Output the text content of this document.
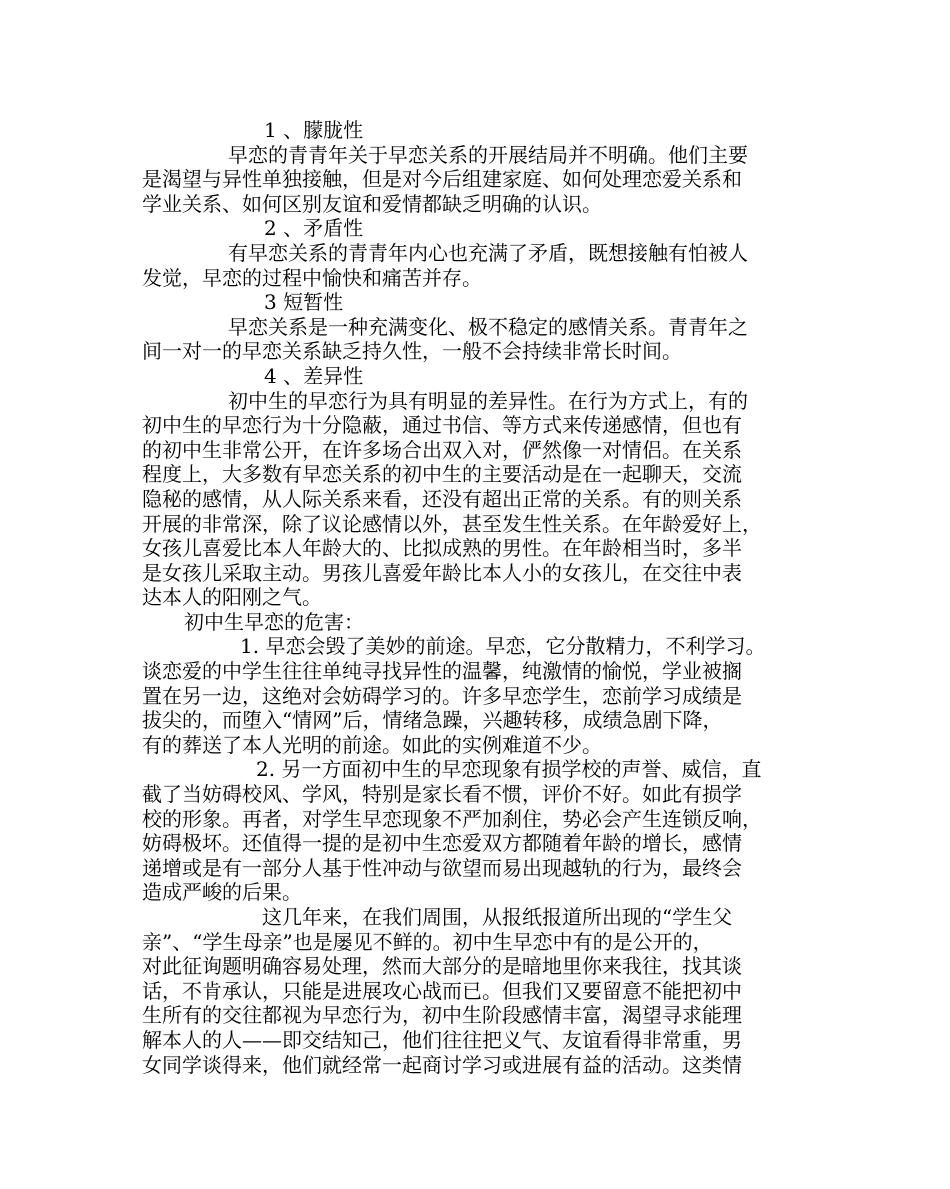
1 、朦胧性
早恋的青青年关于早恋关系的开展结局并不明确。他们主要
是渴望与异性单独接触，但是对今后组建家庭、如何处理恋爱关系和
学业关系、如何区别友谊和爱情都缺乏明确的认识。
2 、矛盾性
有早恋关系的青青年内心也充满了矛盾，既想接触有怕被人
发觉，早恋的过程中愉快和痛苦并存。
3 短暂性
早恋关系是一种充满变化、极不稳定的感情关系。青青年之
间一对一的早恋关系缺乏持久性，一般不会持续非常长时间。
4 、差异性
初中生的早恋行为具有明显的差异性。在行为方式上，有的
初中生的早恋行为十分隐蔽，通过书信、等方式来传递感情，但也有
的初中生非常公开，在许多场合出双入对，俨然像一对情侣。在关系
程度上，大多数有早恋关系的初中生的主要活动是在一起聊天，交流
隐秘的感情，从人际关系来看，还没有超出正常的关系。有的则关系
开展的非常深，除了议论感情以外，甚至发生性关系。在年龄爱好上，
女孩儿喜爱比本人年龄大的、比拟成熟的男性。在年龄相当时，多半
是女孩儿采取主动。男孩儿喜爱年龄比本人小的女孩儿，在交往中表
达本人的阳刚之气。
初中生早恋的危害：
1. 早恋会毁了美妙的前途。早恋，它分散精力，不利学习。
谈恋爱的中学生往往单纯寻找异性的温馨，纯激情的愉悦，学业被搁
置在另一边，这绝对会妨碍学习的。许多早恋学生，恋前学习成绩是
拔尖的，而堕入“情网”后，情绪急躁，兴趣转移，成绩急剧下降，
有的葬送了本人光明的前途。如此的实例难道不少。
2. 另一方面初中生的早恋现象有损学校的声誉、威信，直
截了当妨碍校风、学风，特别是家长看不惯，评价不好。如此有损学
校的形象。再者，对学生早恋现象不严加刹住，势必会产生连锁反响，
妨碍极坏。还值得一提的是初中生恋爱双方都随着年龄的增长，感情
递增或是有一部分人基于性冲动与欲望而易出现越轨的行为，最终会
造成严峻的后果。
这几年来，在我们周围，从报纸报道所出现的“学生父
亲”、“学生母亲”也是屡见不鲜的。初中生早恋中有的是公开的，
对此征询题明确容易处理，然而大部分的是暗地里你来我往，找其谈
话，不肯承认，只能是进展攻心战而已。但我们又要留意不能把初中
生所有的交往都视为早恋行为，初中生阶段感情丰富，渴望寻求能理
解本人的人——即交结知己，他们往往把义气、友谊看得非常重，男
女同学谈得来，他们就经常一起商讨学习或进展有益的活动。这类情
